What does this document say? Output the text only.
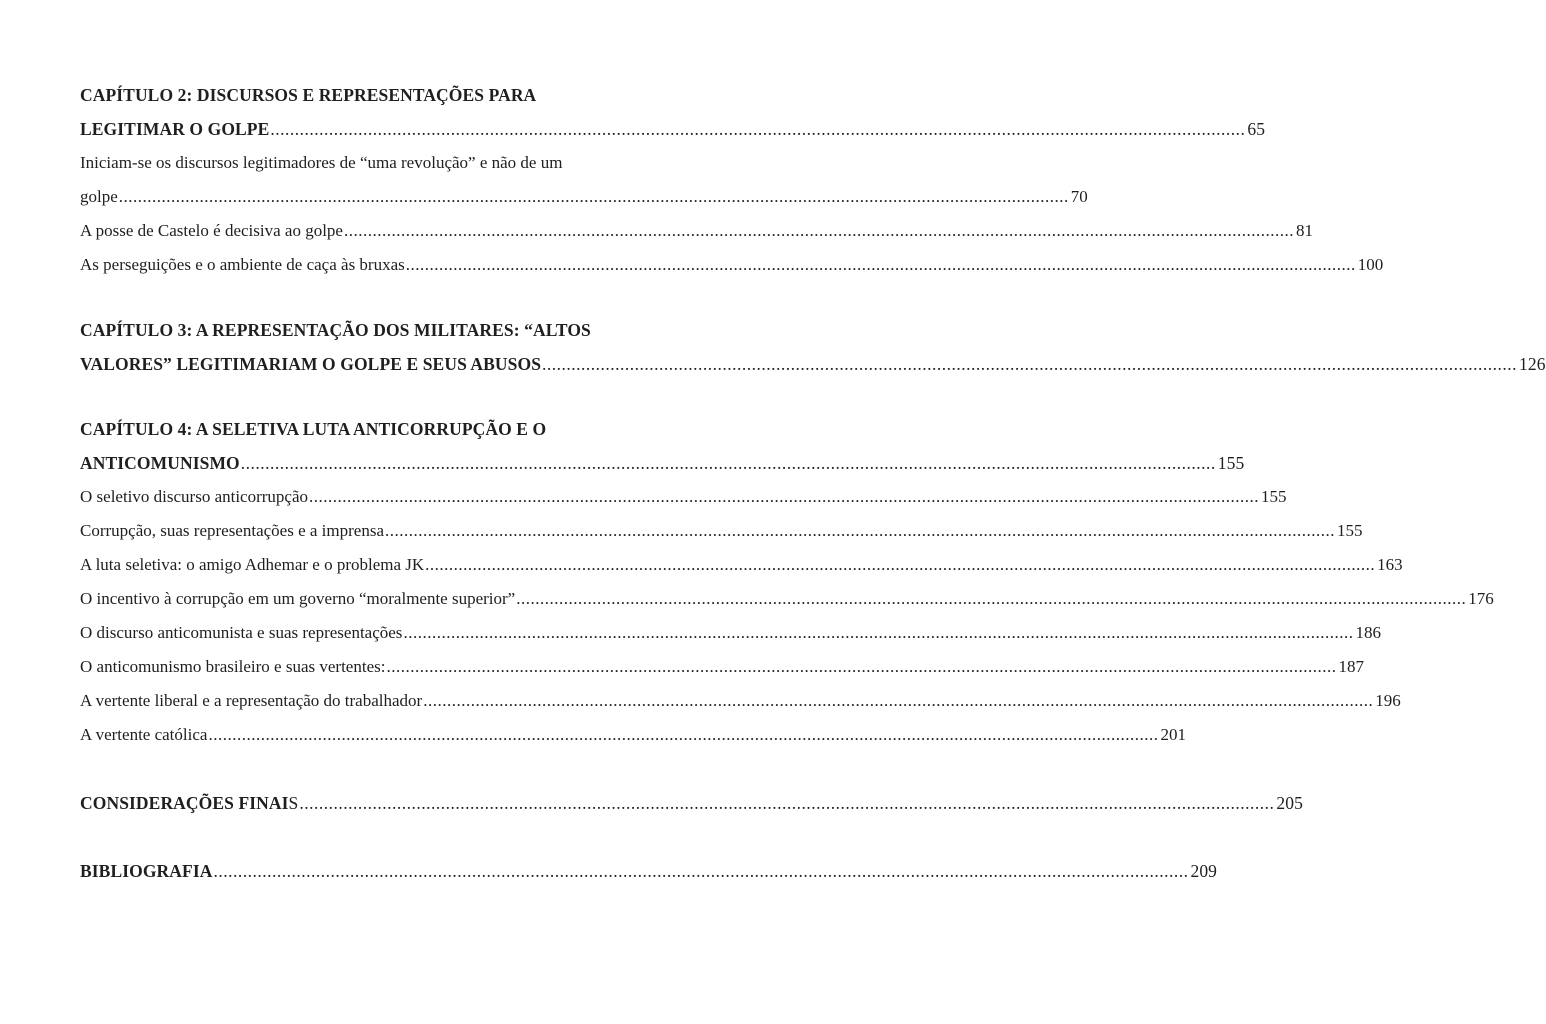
CAPÍTULO 2: DISCURSOS E REPRESENTAÇÕES PARA
LEGITIMAR O GOLPE ........................................................................................................................................................................................................ 65
Iniciam-se os discursos legitimadores de “uma revolução” e não de um
golpe ........................................................................................................................................................................................................ 70
A posse de Castelo é decisiva ao golpe ........................................................................................................................................................................................................ 81
As perseguições e o ambiente de caça às bruxas ........................................................................................................................................................................................................ 100
CAPÍTULO 3: A REPRESENTAÇÃO DOS MILITARES: “ALTOS
VALORES” LEGITIMARIAM O GOLPE E SEUS ABUSOS ........................................................................................................................................................................................................ 126
CAPÍTULO 4: A SELETIVA LUTA ANTICORRUPÇÃO E O
ANTICOMUNISMO ........................................................................................................................................................................................................ 155
O seletivo discurso anticorrupção ........................................................................................................................................................................................................ 155
Corrupção, suas representações e a imprensa ........................................................................................................................................................................................................ 155
A luta seletiva: o amigo Adhemar e o problema JK ........................................................................................................................................................................................................ 163
O incentivo à corrupção em um governo “moralmente superior” ........................................................................................................................................................................................................ 176
O discurso anticomunista e suas representações ........................................................................................................................................................................................................ 186
O anticomunismo brasileiro e suas vertentes: ........................................................................................................................................................................................................ 187
A vertente liberal e a representação do trabalhador ........................................................................................................................................................................................................ 196
A vertente católica ........................................................................................................................................................................................................ 201
CONSIDERAÇÕES FINAIS ........................................................................................................................................................................................................ 205
BIBLIOGRAFIA ........................................................................................................................................................................................................ 209
